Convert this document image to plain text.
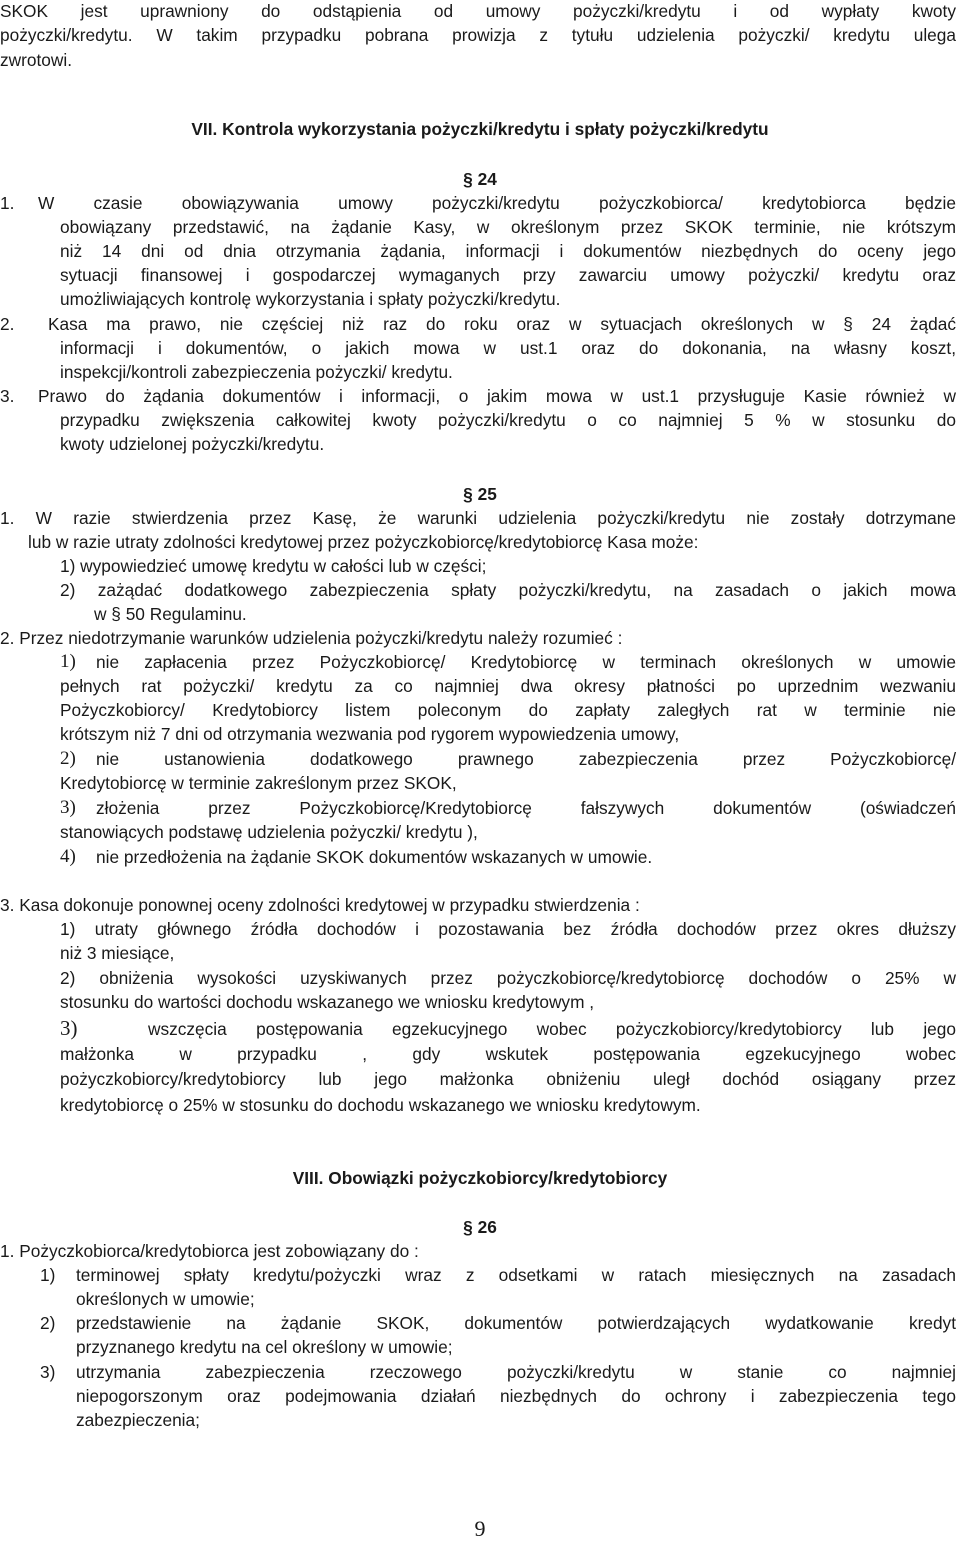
SKOK jest uprawniony do odstąpienia od umowy pożyczki/kredytu i od wypłaty kwoty
pożyczki/kredytu. W takim przypadku pobrana prowizja z tytułu udzielenia pożyczki/ kredytu ulega
zwrotowi.
VII. Kontrola wykorzystania pożyczki/kredytu i spłaty pożyczki/kredytu
§ 24
1. W czasie obowiązywania umowy pożyczki/kredytu pożyczkobiorca/ kredytobiorca będzie
obowiązany przedstawić, na żądanie Kasy, w określonym przez SKOK terminie, nie krótszym
niż 14 dni od dnia otrzymania żądania, informacji i dokumentów niezbędnych do oceny jego
sytuacji finansowej i gospodarczej wymaganych przy zawarciu umowy pożyczki/ kredytu oraz
umożliwiających kontrolę wykorzystania i spłaty pożyczki/kredytu.
2. Kasa ma prawo, nie częściej niż raz do roku oraz w sytuacjach określonych w § 24 żądać
informacji i dokumentów, o jakich mowa w ust.1 oraz do dokonania, na własny koszt,
inspekcji/kontroli zabezpieczenia pożyczki/ kredytu.
3. Prawo do żądania dokumentów i informacji, o jakim mowa w ust.1 przysługuje Kasie również w
przypadku zwiększenia całkowitej kwoty pożyczki/kredytu o co najmniej 5 % w stosunku do
kwoty udzielonej pożyczki/kredytu.
§ 25
1. W razie stwierdzenia przez Kasę, że warunki udzielenia pożyczki/kredytu nie zostały dotrzymane
lub w razie utraty zdolności kredytowej przez pożyczkobiorcę/kredytobiorcę Kasa może:
1) wypowiedzieć umowę kredytu w całości lub w części;
2) zażądać dodatkowego zabezpieczenia spłaty pożyczki/kredytu, na zasadach o jakich mowa
w § 50 Regulaminu.
2. Przez niedotrzymanie warunków udzielenia pożyczki/kredytu należy rozumieć :
1) nie zapłacenia przez Pożyczkobiorcę/ Kredytobiorcę w terminach określonych w umowie
pełnych rat pożyczki/ kredytu za co najmniej dwa okresy płatności po uprzednim wezwaniu
Pożyczkobiorcy/ Kredytobiorcy listem poleconym do zapłaty zaległych rat w terminie nie
krótszym niż 7 dni od otrzymania wezwania pod rygorem wypowiedzenia umowy,
2) nie ustanowienia dodatkowego prawnego zabezpieczenia przez Pożyczkobiorcę/
Kredytobiorcę w terminie zakreślonym przez SKOK,
3) złożenia przez Pożyczkobiorcę/Kredytobiorcę fałszywych dokumentów (oświadczeń
stanowiących podstawę udzielenia pożyczki/ kredytu ),
4) nie przedłożenia na żądanie SKOK dokumentów wskazanych w umowie.
3. Kasa dokonuje ponownej oceny zdolności kredytowej w przypadku stwierdzenia :
1) utraty głównego źródła dochodów i pozostawania bez źródła dochodów przez okres dłuższy
niż 3 miesiące,
2) obniżenia wysokości uzyskiwanych przez pożyczkobiorcę/kredytobiorcę dochodów o 25% w
stosunku do wartości dochodu wskazanego we wniosku kredytowym ,
3)	wszczęcia postępowania egzekucyjnego wobec pożyczkobiorcy/kredytobiorcy lub jego
małżonka w przypadku , gdy wskutek postępowania egzekucyjnego wobec
pożyczkobiorcy/kredytobiorcy lub jego małżonka obniżeniu uległ dochód osiągany przez
kredytobiorcę o 25% w stosunku do dochodu wskazanego we wniosku kredytowym.
VIII. Obowiązki pożyczkobiorcy/kredytobiorcy
§ 26
1. Pożyczkobiorca/kredytobiorca jest zobowiązany do :
1) terminowej spłaty kredytu/pożyczki wraz z odsetkami w ratach miesięcznych na zasadach
określonych w umowie;
2) przedstawienie na żądanie SKOK, dokumentów potwierdzających wydatkowanie kredyt
przyznanego kredytu na cel określony w umowie;
3) utrzymania zabezpieczenia rzeczowego pożyczki/kredytu w stanie co najmniej
niepogorszonym oraz podejmowania działań niezbędnych do ochrony i zabezpieczenia tego
zabezpieczenia;
9
